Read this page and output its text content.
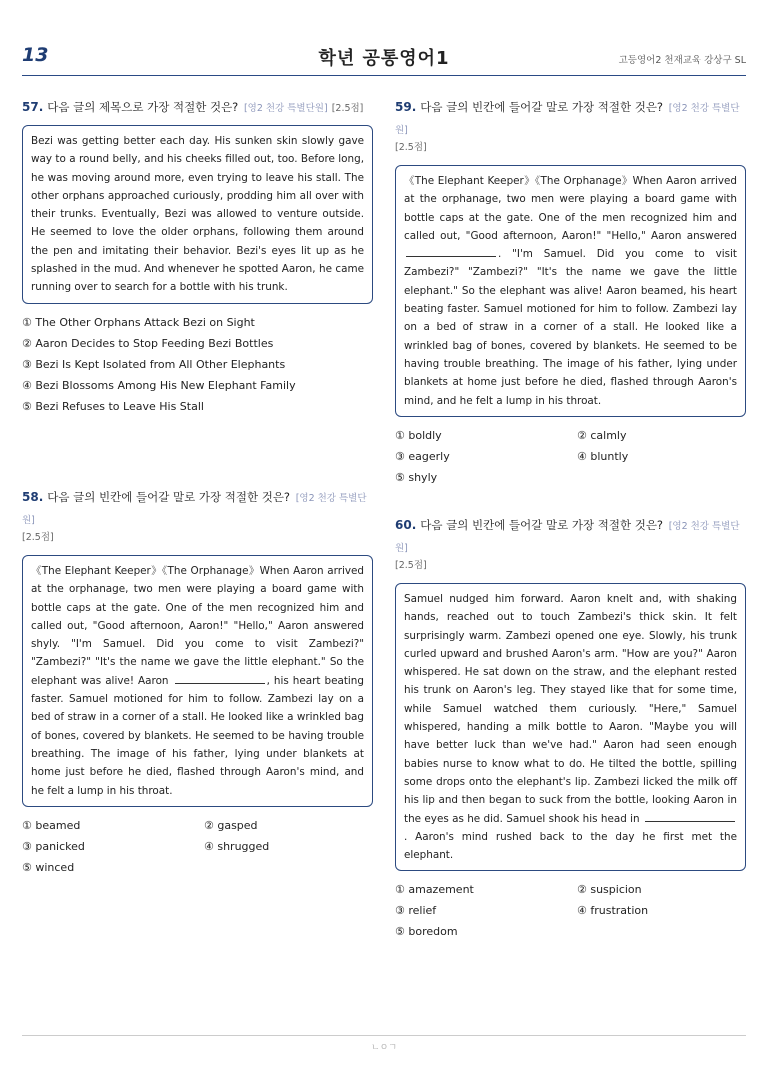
13	학년 공통영어1	고등영어2 천재교육 강상구 SL
57. 다음 글의 제목으로 가장 적절한 것은? [영2 천강 특별단원] [2.5점]
Bezi was getting better each day. His sunken skin slowly gave way to a round belly, and his cheeks filled out, too. Before long, he was moving around more, even trying to leave his stall. The other orphans approached curiously, prodding him all over with their trunks. Eventually, Bezi was allowed to venture outside. He seemed to love the older orphans, following them around the pen and imitating their behavior. Bezi's eyes lit up as he splashed in the mud. And whenever he spotted Aaron, he came running over to search for a bottle with his trunk.
① The Other Orphans Attack Bezi on Sight
② Aaron Decides to Stop Feeding Bezi Bottles
③ Bezi Is Kept Isolated from All Other Elephants
④ Bezi Blossoms Among His New Elephant Family
⑤ Bezi Refuses to Leave His Stall
58. 다음 글의 빈칸에 들어갈 말로 가장 적절한 것은? [영2 천강 특별단원]
[2.5점]
《The Elephant Keeper》《The Orphanage》When Aaron arrived at the orphanage, two men were playing a board game with bottle caps at the gate. One of the men recognized him and called out, "Good afternoon, Aaron!" "Hello," Aaron answered shyly. "I'm Samuel. Did you come to visit Zambezi?" "Zambezi?" "It's the name we gave the little elephant." So the elephant was alive! Aaron	, his heart beating faster. Samuel motioned for him to follow. Zambezi lay on a bed of straw in a corner of a stall. He looked like a wrinkled bag of bones, covered by blankets. He seemed to be having trouble breathing. The image of his father, lying under blankets at home just before he died, flashed through Aaron's mind, and he felt a lump in his throat.
① beamed	② gasped
③ panicked	④ shrugged
⑤ winced
59. 다음 글의 빈칸에 들어갈 말로 가장 적절한 것은? [영2 천강 특별단원]
[2.5점]
《The Elephant Keeper》《The Orphanage》When Aaron arrived at the orphanage, two men were playing a board game with bottle caps at the gate. One of the men recognized him and called out, "Good afternoon, Aaron!" "Hello," Aaron answered . "I'm Samuel. Did you come to visit Zambezi?" "Zambezi?" "It's the name we gave the little elephant." So the elephant was alive! Aaron beamed, his heart beating faster. Samuel motioned for him to follow. Zambezi lay on a bed of straw in a corner of a stall. He looked like a wrinkled bag of bones, covered by blankets. He seemed to be having trouble breathing. The image of his father, lying under blankets at home just before he died, flashed through Aaron's mind, and he felt a lump in his throat.
① boldly	② calmly
③ eagerly	④ bluntly
⑤ shyly
60. 다음 글의 빈칸에 들어갈 말로 가장 적절한 것은? [영2 천강 특별단원]
[2.5점]
Samuel nudged him forward. Aaron knelt and, with shaking hands, reached out to touch Zambezi's thick skin. It felt surprisingly warm. Zambezi opened one eye. Slowly, his trunk curled upward and brushed Aaron's arm. "How are you?" Aaron whispered. He sat down on the straw, and the elephant rested his trunk on Aaron's leg. They stayed like that for some time, while Samuel watched them curiously. "Here," Samuel whispered, handing a milk bottle to Aaron. "Maybe you will have better luck than we've had." Aaron had seen enough babies nurse to know what to do. He tilted the bottle, spilling some drops onto the elephant's lip. Zambezi licked the milk off his lip and then began to suck from the bottle, looking Aaron in the eyes as he did. Samuel shook his head in . Aaron's mind rushed back to the day he first met the elephant.
① amazement	② suspicion
③ relief	④ frustration
⑤ boredom
ㄴㅇㄱ
